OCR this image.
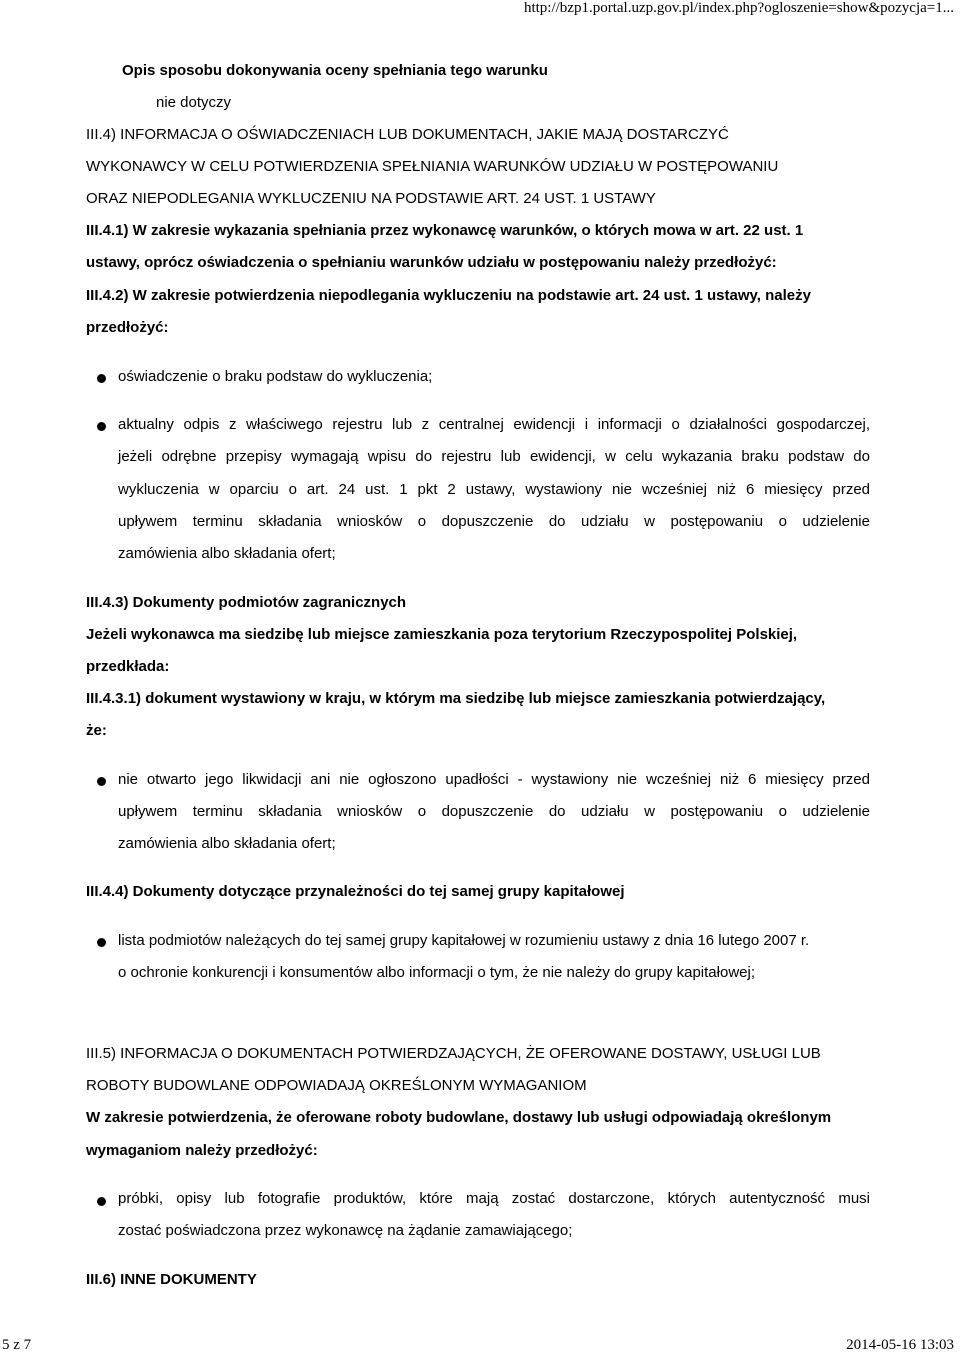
http://bzp1.portal.uzp.gov.pl/index.php?ogloszenie=show&pozycja=1...
Opis sposobu dokonywania oceny spełniania tego warunku
nie dotyczy
III.4) INFORMACJA O OŚWIADCZENIACH LUB DOKUMENTACH, JAKIE MAJĄ DOSTARCZYĆ
WYKONAWCY W CELU POTWIERDZENIA SPEŁNIANIA WARUNKÓW UDZIAŁU W POSTĘPOWANIU
ORAZ NIEPODLEGANIA WYKLUCZENIU NA PODSTAWIE ART. 24 UST. 1 USTAWY
III.4.1) W zakresie wykazania spełniania przez wykonawcę warunków, o których mowa w art. 22 ust. 1
ustawy, oprócz oświadczenia o spełnianiu warunków udziału w postępowaniu należy przedłożyć:
III.4.2) W zakresie potwierdzenia niepodlegania wykluczeniu na podstawie art. 24 ust. 1 ustawy, należy
przedłożyć:
oświadczenie o braku podstaw do wykluczenia;
aktualny odpis z właściwego rejestru lub z centralnej ewidencji i informacji o działalności gospodarczej,
jeżeli odrębne przepisy wymagają wpisu do rejestru lub ewidencji, w celu wykazania braku podstaw do
wykluczenia w oparciu o art. 24 ust. 1 pkt 2 ustawy, wystawiony nie wcześniej niż 6 miesięcy przed
upływem terminu składania wniosków o dopuszczenie do udziału w postępowaniu o udzielenie
zamówienia albo składania ofert;
III.4.3) Dokumenty podmiotów zagranicznych
Jeżeli wykonawca ma siedzibę lub miejsce zamieszkania poza terytorium Rzeczypospolitej Polskiej,
przedkłada:
III.4.3.1) dokument wystawiony w kraju, w którym ma siedzibę lub miejsce zamieszkania potwierdzający,
że:
nie otwarto jego likwidacji ani nie ogłoszono upadłości - wystawiony nie wcześniej niż 6 miesięcy przed
upływem terminu składania wniosków o dopuszczenie do udziału w postępowaniu o udzielenie
zamówienia albo składania ofert;
III.4.4) Dokumenty dotyczące przynależności do tej samej grupy kapitałowej
lista podmiotów należących do tej samej grupy kapitałowej w rozumieniu ustawy z dnia 16 lutego 2007 r.
o ochronie konkurencji i konsumentów albo informacji o tym, że nie należy do grupy kapitałowej;
III.5) INFORMACJA O DOKUMENTACH POTWIERDZAJĄCYCH, ŻE OFEROWANE DOSTAWY, USŁUGI LUB
ROBOTY BUDOWLANE ODPOWIADAJĄ OKREŚLONYM WYMAGANIOM
W zakresie potwierdzenia, że oferowane roboty budowlane, dostawy lub usługi odpowiadają określonym
wymaganiom należy przedłożyć:
próbki, opisy lub fotografie produktów, które mają zostać dostarczone, których autentyczność musi
zostać poświadczona przez wykonawcę na żądanie zamawiającego;
III.6) INNE DOKUMENTY
5 z 7	2014-05-16 13:03
